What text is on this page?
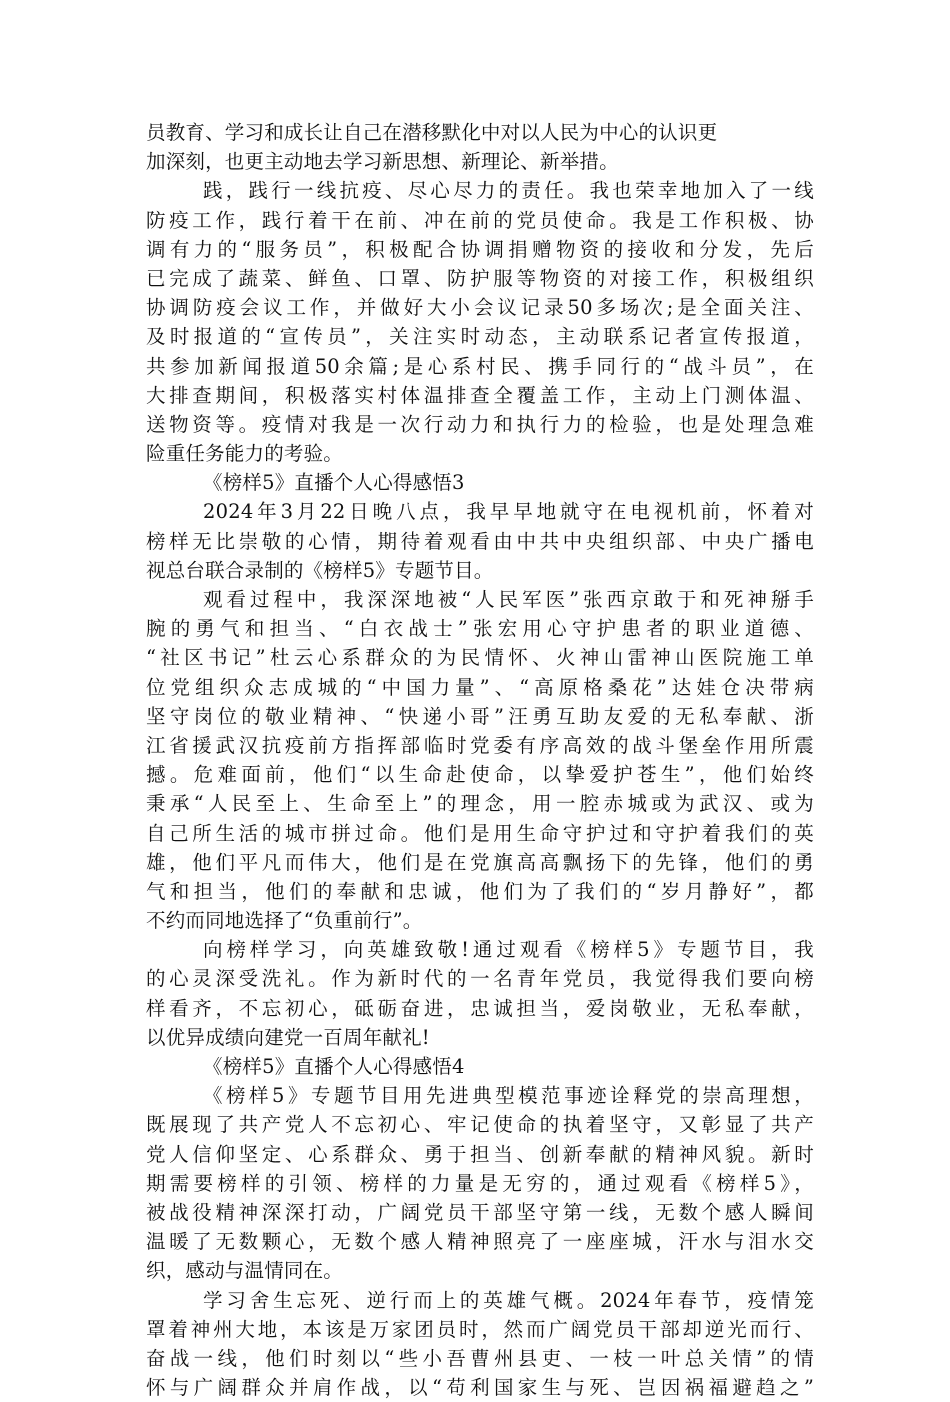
员教育、学习和成长让自己在潜移默化中对以人民为中心的认识更
加深刻，也更主动地去学习新思想、新理论、新举措。
践，践行一线抗疫、尽心尽力的责任。我也荣幸地加入了一线
防疫工作，践行着干在前、冲在前的党员使命。我是工作积极、协
调有力的“服务员”，积极配合协调捐赠物资的接收和分发，先后
已完成了蔬菜、鲜鱼、口罩、防护服等物资的对接工作，积极组织
协调防疫会议工作，并做好大小会议记录50多场次;是全面关注、
及时报道的“宣传员”，关注实时动态，主动联系记者宣传报道，
共参加新闻报道50余篇;是心系村民、携手同行的“战斗员”，在
大排查期间，积极落实村体温排查全覆盖工作，主动上门测体温、
送物资等。疫情对我是一次行动力和执行力的检验，也是处理急难
险重任务能力的考验。
《榜样5》直播个人心得感悟3
2024年3月22日晚八点，我早早地就守在电视机前，怀着对
榜样无比崇敬的心情，期待着观看由中共中央组织部、中央广播电
视总台联合录制的《榜样5》专题节目。
观看过程中，我深深地被“人民军医”张西京敢于和死神掰手
腕的勇气和担当、“白衣战士”张宏用心守护患者的职业道德、
“社区书记”杜云心系群众的为民情怀、火神山雷神山医院施工单
位党组织众志成城的“中国力量”、“高原格桑花”达娃仓决带病
坚守岗位的敬业精神、“快递小哥”汪勇互助友爱的无私奉献、浙
江省援武汉抗疫前方指挥部临时党委有序高效的战斗堡垒作用所震
撼。危难面前，他们“以生命赴使命，以挚爱护苍生”，他们始终
秉承“人民至上、生命至上”的理念，用一腔赤城或为武汉、或为
自己所生活的城市拼过命。他们是用生命守护过和守护着我们的英
雄，他们平凡而伟大，他们是在党旗高高飘扬下的先锋，他们的勇
气和担当，他们的奉献和忠诚，他们为了我们的“岁月静好”，都
不约而同地选择了“负重前行”。
向榜样学习，向英雄致敬!通过观看《榜样5》专题节目，我
的心灵深受洗礼。作为新时代的一名青年党员，我觉得我们要向榜
样看齐，不忘初心，砥砺奋进，忠诚担当，爱岗敬业，无私奉献，
以优异成绩向建党一百周年献礼!
《榜样5》直播个人心得感悟4
《榜样5》专题节目用先进典型模范事迹诠释党的崇高理想，
既展现了共产党人不忘初心、牢记使命的执着坚守，又彰显了共产
党人信仰坚定、心系群众、勇于担当、创新奉献的精神风貌。新时
期需要榜样的引领、榜样的力量是无穷的，通过观看《榜样5》，
被战役精神深深打动，广阔党员干部坚守第一线，无数个感人瞬间
温暖了无数颗心，无数个感人精神照亮了一座座城，汗水与泪水交
织，感动与温情同在。
学习舍生忘死、逆行而上的英雄气概。2024年春节，疫情笼
罩着神州大地，本该是万家团员时，然而广阔党员干部却逆光而行、
奋战一线，他们时刻以“些小吾曹州县吏、一枝一叶总关情”的情
怀与广阔群众并肩作战，以“苟利国家生与死、岂因祸福避趋之”
